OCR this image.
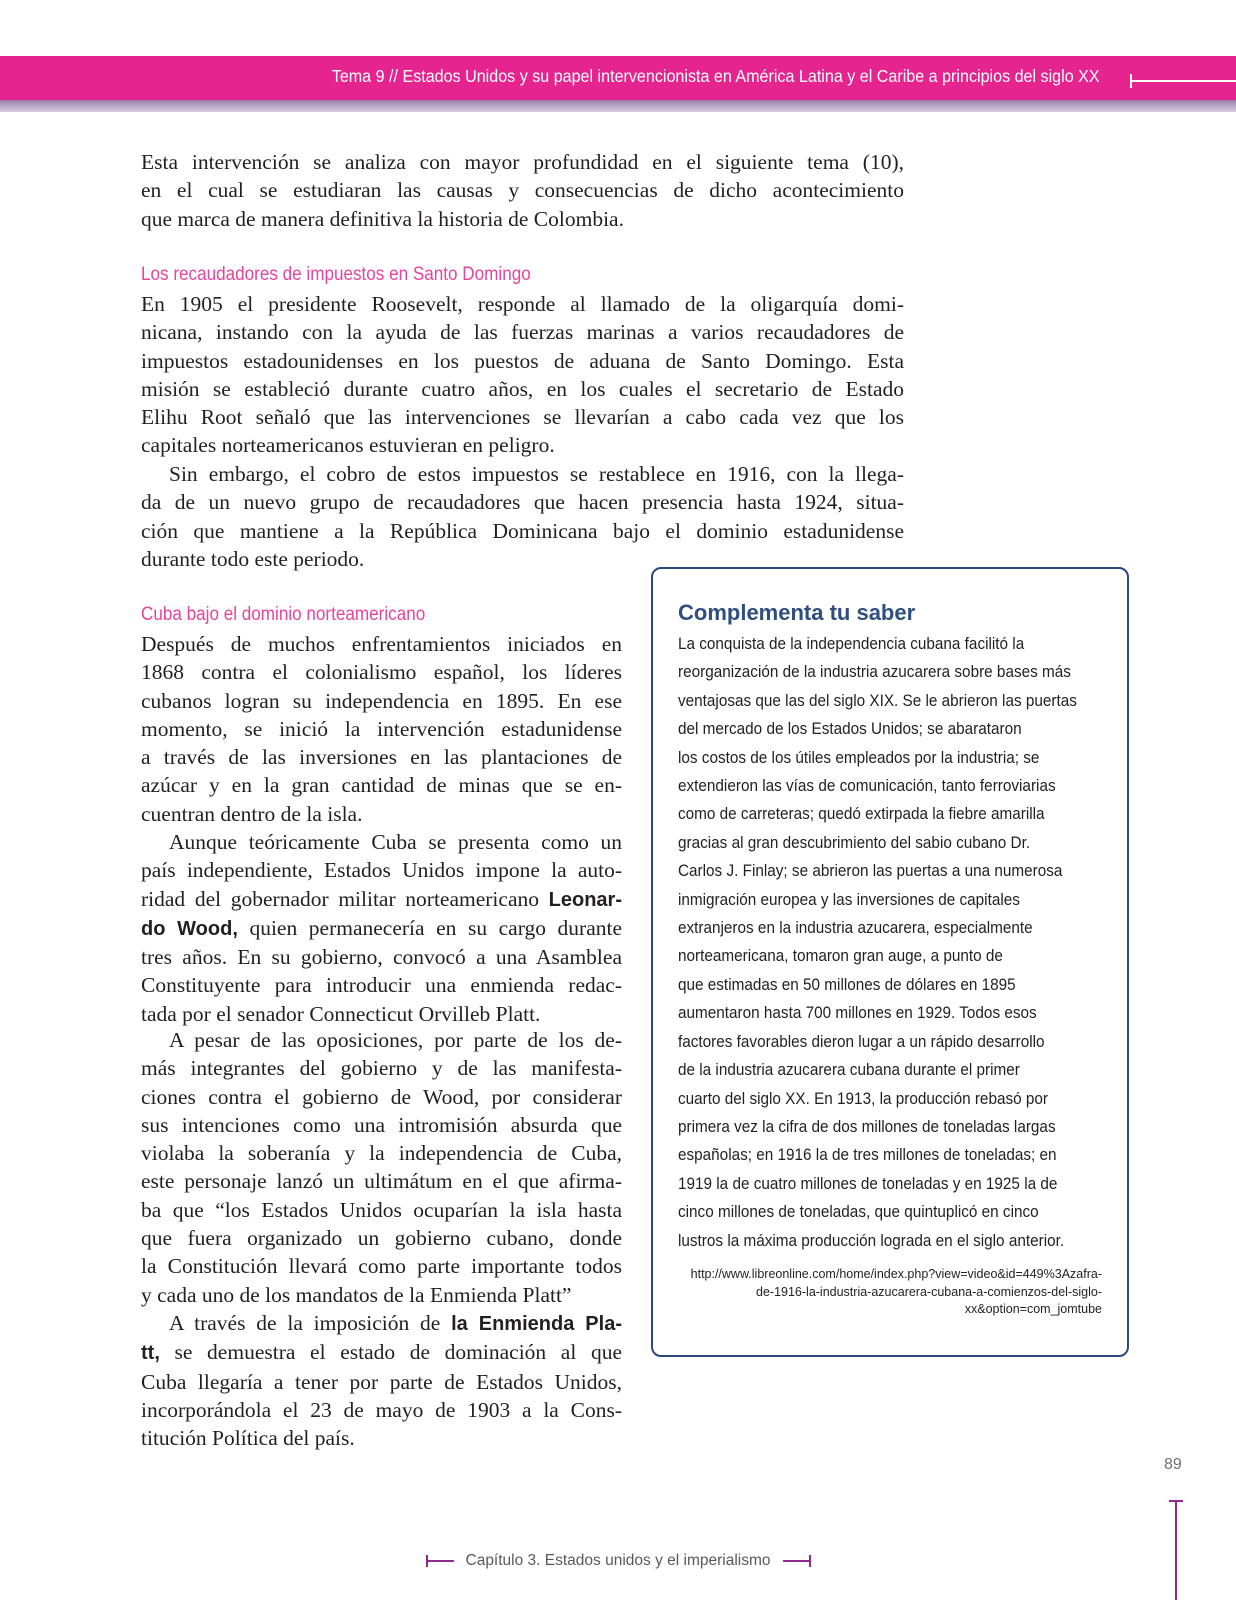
Tema 9 // Estados Unidos y su papel intervencionista en América Latina y el Caribe a principios del siglo XX
Esta intervención se analiza con mayor profundidad en el siguiente tema (10),
en el cual se estudiaran las causas y consecuencias de dicho acontecimiento
que marca de manera definitiva la historia de Colombia.
Los recaudadores de impuestos en Santo Domingo
En 1905 el presidente Roosevelt, responde al llamado de la oligarquía domi-
nicana, instando con la ayuda de las fuerzas marinas a varios recaudadores de
impuestos estadounidenses en los puestos de aduana de Santo Domingo. Esta
misión se estableció durante cuatro años, en los cuales el secretario de Estado
Elihu Root señaló que las intervenciones se llevarían a cabo cada vez que los
capitales norteamericanos estuvieran en peligro.
Sin embargo, el cobro de estos impuestos se restablece en 1916, con la llega-
da de un nuevo grupo de recaudadores que hacen presencia hasta 1924, situa-
ción que mantiene a la República Dominicana bajo el dominio estadunidense
durante todo este periodo.
Cuba bajo el dominio norteamericano
Después de muchos enfrentamientos iniciados en
1868 contra el colonialismo español, los líderes
cubanos logran su independencia en 1895. En ese
momento, se inició la intervención estadunidense
a través de las inversiones en las plantaciones de
azúcar y en la gran cantidad de minas que se en-
cuentran dentro de la isla.
Aunque teóricamente Cuba se presenta como un
país independiente, Estados Unidos impone la auto-
ridad del gobernador militar norteamericano Leonar-
do Wood, quien permanecería en su cargo durante
tres años. En su gobierno, convocó a una Asamblea
Constituyente para introducir una enmienda redac-
tada por el senador Connecticut Orvilleb Platt.
A pesar de las oposiciones, por parte de los de-
más integrantes del gobierno y de las manifesta-
ciones contra el gobierno de Wood, por considerar
sus intenciones como una intromisión absurda que
violaba la soberanía y la independencia de Cuba,
este personaje lanzó un ultimátum en el que afirma-
ba que “los Estados Unidos ocuparían la isla hasta
que fuera organizado un gobierno cubano, donde
la Constitución llevará como parte importante todos
y cada uno de los mandatos de la Enmienda Platt”
A través de la imposición de la Enmienda Pla-
tt, se demuestra el estado de dominación al que
Cuba llegaría a tener por parte de Estados Unidos,
incorporándola el 23 de mayo de 1903 a la Cons-
titución Política del país.
Complementa tu saber
La conquista de la independencia cubana facilitó la
reorganización de la industria azucarera sobre bases más
ventajosas que las del siglo XIX. Se le abrieron las puertas
del mercado de los Estados Unidos; se abarataron
los costos de los útiles empleados por la industria; se
extendieron las vías de comunicación, tanto ferroviarias
como de carreteras; quedó extirpada la fiebre amarilla
gracias al gran descubrimiento del sabio cubano Dr.
Carlos J. Finlay; se abrieron las puertas a una numerosa
inmigración europea y las inversiones de capitales
extranjeros en la industria azucarera, especialmente
norteamericana, tomaron gran auge, a punto de
que estimadas en 50 millones de dólares en 1895
aumentaron hasta 700 millones en 1929. Todos esos
factores favorables dieron lugar a un rápido desarrollo
de la industria azucarera cubana durante el primer
cuarto del siglo XX. En 1913, la producción rebasó por
primera vez la cifra de dos millones de toneladas largas
españolas; en 1916 la de tres millones de toneladas; en
1919 la de cuatro millones de toneladas y en 1925 la de
cinco millones de toneladas, que quintuplicó en cinco
lustros la máxima producción lograda en el siglo anterior.
http://www.libreonline.com/home/index.php?view=video&id=449%3Azafra-
de-1916-la-industria-azucarera-cubana-a-comienzos-del-siglo-
xx&option=com_jomtube
89
Capítulo 3. Estados unidos y el imperialismo
